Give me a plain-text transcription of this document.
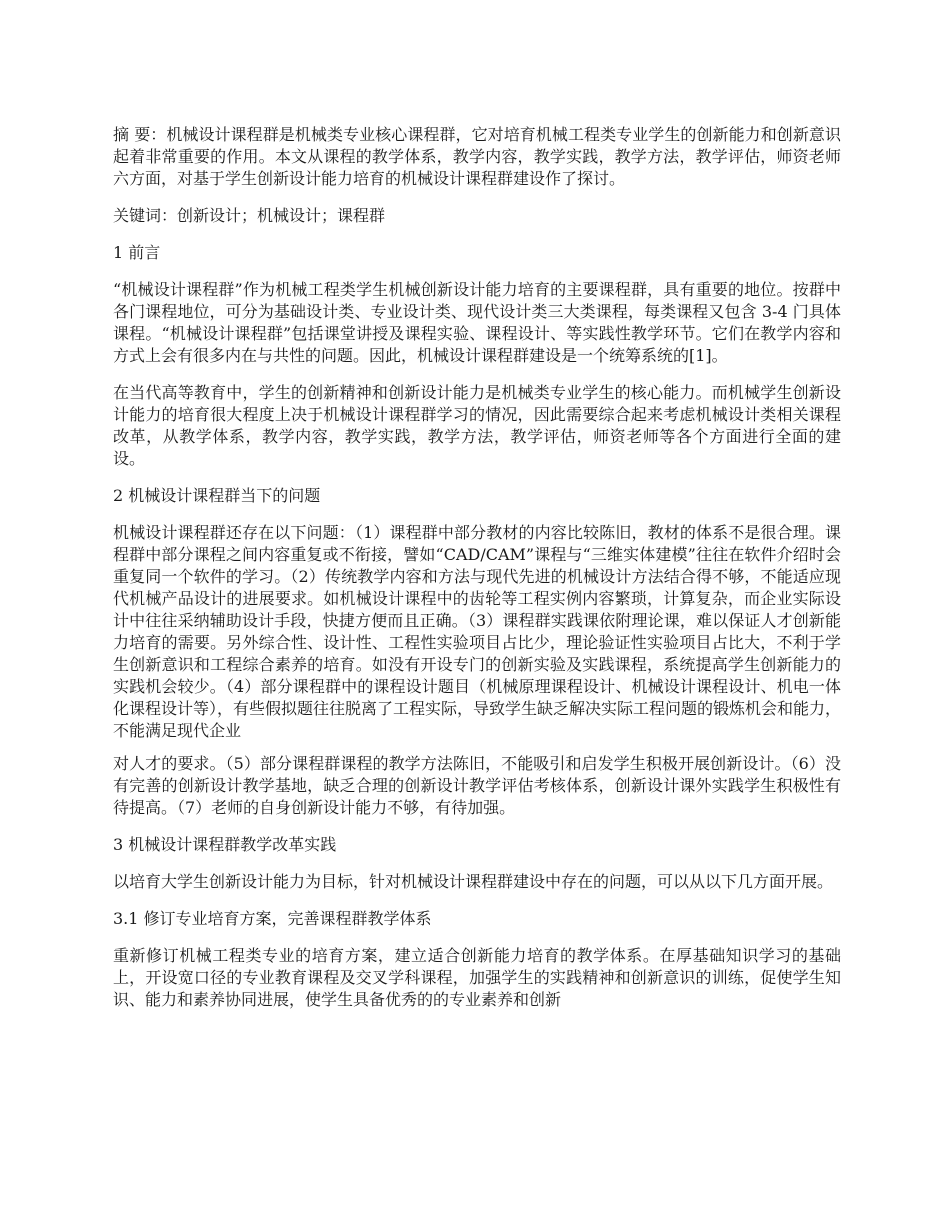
摘 要：机械设计课程群是机械类专业核心课程群，它对培育机械工程类专业学生的创新能力和创新意识起着非常重要的作用。本文从课程的教学体系，教学内容，教学实践，教学方法，教学评估，师资老师六方面，对基于学生创新设计能力培育的机械设计课程群建设作了探讨。

关键词：创新设计；机械设计；课程群

1 前言

“机械设计课程群”作为机械工程类学生机械创新设计能力培育的主要课程群，具有重要的地位。按群中各门课程地位，可分为基础设计类、专业设计类、现代设计类三大类课程，每类课程又包含 3-4 门具体课程。“机械设计课程群”包括课堂讲授及课程实验、课程设计、等实践性教学环节。它们在教学内容和方式上会有很多内在与共性的问题。因此，机械设计课程群建设是一个统筹系统的[1]。

在当代高等教育中，学生的创新精神和创新设计能力是机械类专业学生的核心能力。而机械学生创新设计能力的培育很大程度上决于机械设计课程群学习的情况，因此需要综合起来考虑机械设计类相关课程改革，从教学体系，教学内容，教学实践，教学方法，教学评估，师资老师等各个方面进行全面的建设。

2 机械设计课程群当下的问题

机械设计课程群还存在以下问题：（1）课程群中部分教材的内容比较陈旧，教材的体系不是很合理。课程群中部分课程之间内容重复或不衔接，譬如“CAD/CAM”课程与“三维实体建模”往往在软件介绍时会重复同一个软件的学习。（2）传统教学内容和方法与现代先进的机械设计方法结合得不够，不能适应现代机械产品设计的进展要求。如机械设计课程中的齿轮等工程实例内容繁琐，计算复杂，而企业实际设计中往往采纳辅助设计手段，快捷方便而且正确。（3）课程群实践课依附理论课，难以保证人才创新能力培育的需要。另外综合性、设计性、工程性实验项目占比少，理论验证性实验项目占比大，不利于学生创新意识和工程综合素养的培育。如没有开设专门的创新实验及实践课程，系统提高学生创新能力的实践机会较少。（4）部分课程群中的课程设计题目（机械原理课程设计、机械设计课程设计、机电一体化课程设计等），有些假拟题往往脱离了工程实际，导致学生缺乏解决实际工程问题的锻炼机会和能力，不能满足现代企业

对人才的要求。（5）部分课程群课程的教学方法陈旧，不能吸引和启发学生积极开展创新设计。（6）没有完善的创新设计教学基地，缺乏合理的创新设计教学评估考核体系，创新设计课外实践学生积极性有待提高。（7）老师的自身创新设计能力不够，有待加强。

3 机械设计课程群教学改革实践

以培育大学生创新设计能力为目标，针对机械设计课程群建设中存在的问题，可以从以下几方面开展。

3.1 修订专业培育方案，完善课程群教学体系

重新修订机械工程类专业的培育方案，建立适合创新能力培育的教学体系。在厚基础知识学习的基础上，开设宽口径的专业教育课程及交叉学科课程，加强学生的实践精神和创新意识的训练，促使学生知识、能力和素养协同进展，使学生具备优秀的的专业素养和创新
